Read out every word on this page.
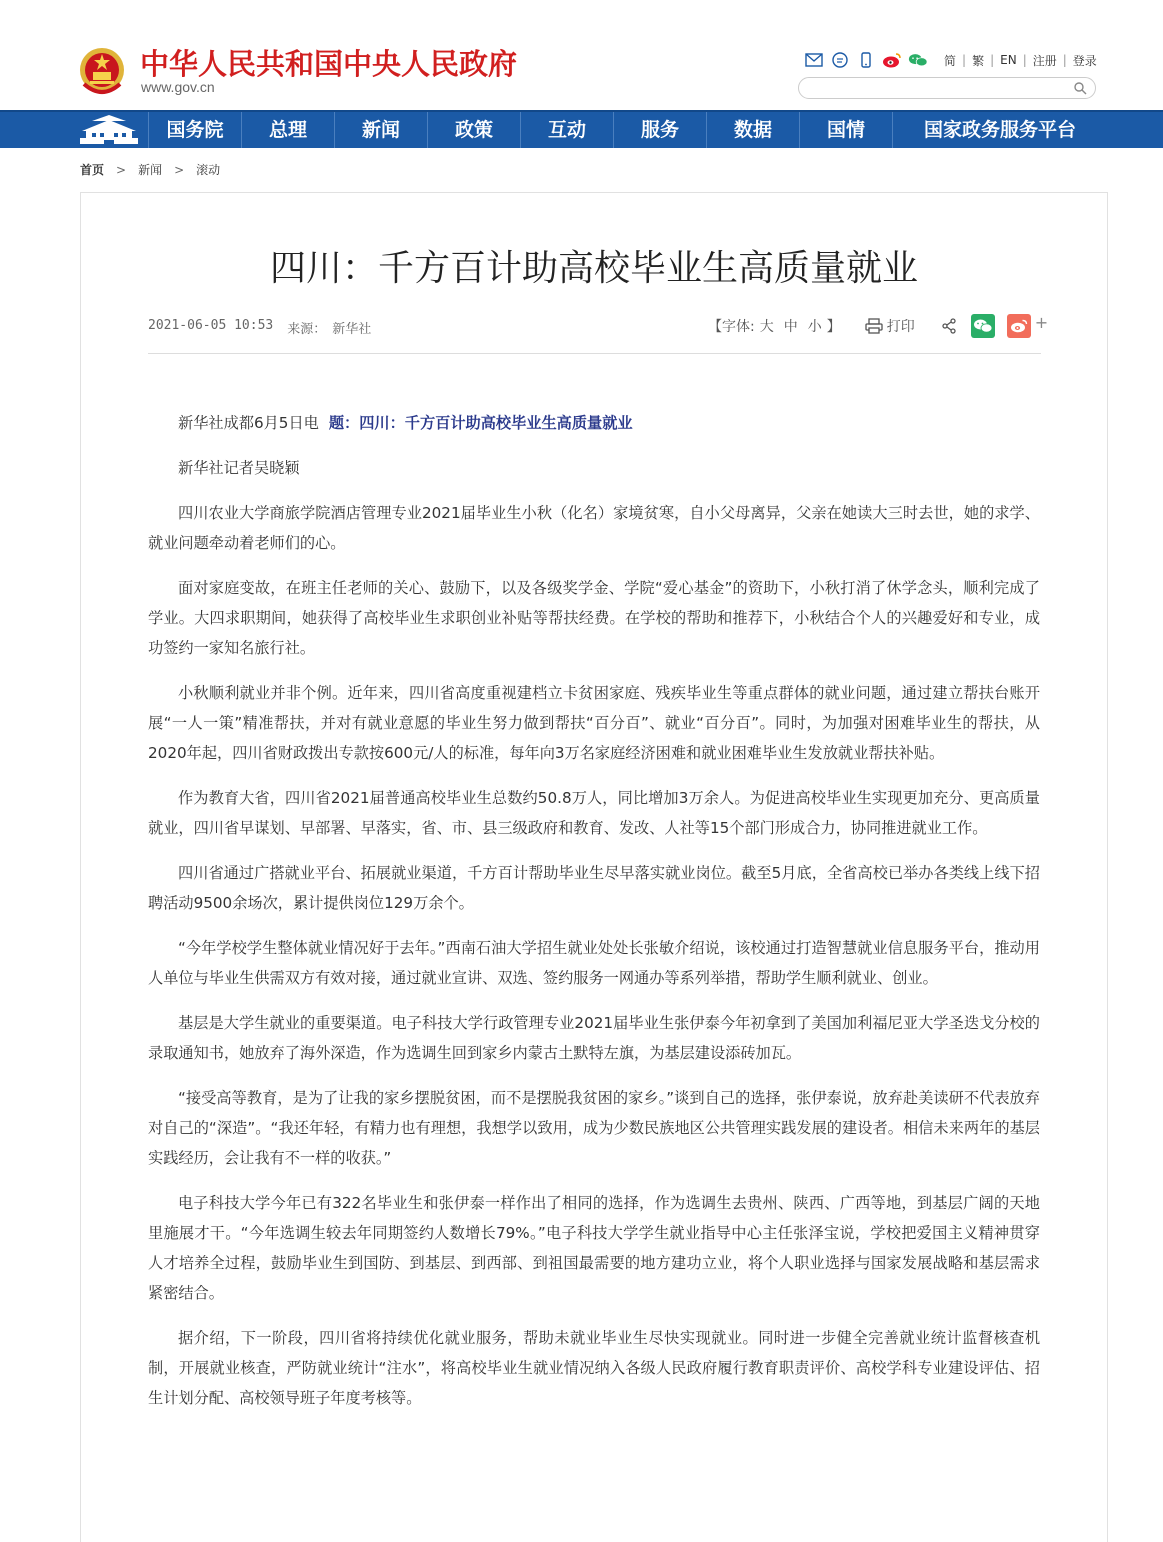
中华人民共和国中央人民政府
www.gov.cn
简 | 繁 | EN | 注册 | 登录
国务院	总理	新闻	政策	互动	服务	数据	国情	国家政务服务平台
首页 > 新闻 > 滚动
四川：千方百计助高校毕业生高质量就业
2021-06-05 10:53 来源： 新华社	【字体: 大 中 小 】	打印	+

新华社成都6月5日电 题：四川：千方百计助高校毕业生高质量就业

新华社记者吴晓颖

四川农业大学商旅学院酒店管理专业2021届毕业生小秋（化名）家境贫寒，自小父母离异，父亲在她读大三时去世，她的求学、就业问题牵动着老师们的心。

面对家庭变故，在班主任老师的关心、鼓励下，以及各级奖学金、学院“爱心基金”的资助下，小秋打消了休学念头，顺利完成了学业。大四求职期间，她获得了高校毕业生求职创业补贴等帮扶经费。在学校的帮助和推荐下，小秋结合个人的兴趣爱好和专业，成功签约一家知名旅行社。

小秋顺利就业并非个例。近年来，四川省高度重视建档立卡贫困家庭、残疾毕业生等重点群体的就业问题，通过建立帮扶台账开展“一人一策”精准帮扶，并对有就业意愿的毕业生努力做到帮扶“百分百”、就业“百分百”。同时，为加强对困难毕业生的帮扶，从2020年起，四川省财政拨出专款按600元/人的标准，每年向3万名家庭经济困难和就业困难毕业生发放就业帮扶补贴。

作为教育大省，四川省2021届普通高校毕业生总数约50.8万人，同比增加3万余人。为促进高校毕业生实现更加充分、更高质量就业，四川省早谋划、早部署、早落实，省、市、县三级政府和教育、发改、人社等15个部门形成合力，协同推进就业工作。

四川省通过广搭就业平台、拓展就业渠道，千方百计帮助毕业生尽早落实就业岗位。截至5月底，全省高校已举办各类线上线下招聘活动9500余场次，累计提供岗位129万余个。

“今年学校学生整体就业情况好于去年。”西南石油大学招生就业处处长张敏介绍说，该校通过打造智慧就业信息服务平台，推动用人单位与毕业生供需双方有效对接，通过就业宣讲、双选、签约服务一网通办等系列举措，帮助学生顺利就业、创业。

基层是大学生就业的重要渠道。电子科技大学行政管理专业2021届毕业生张伊泰今年初拿到了美国加利福尼亚大学圣迭戈分校的录取通知书，她放弃了海外深造，作为选调生回到家乡内蒙古土默特左旗，为基层建设添砖加瓦。

“接受高等教育，是为了让我的家乡摆脱贫困，而不是摆脱我贫困的家乡。”谈到自己的选择，张伊泰说，放弃赴美读研不代表放弃对自己的“深造”。“我还年轻，有精力也有理想，我想学以致用，成为少数民族地区公共管理实践发展的建设者。相信未来两年的基层实践经历，会让我有不一样的收获。”

电子科技大学今年已有322名毕业生和张伊泰一样作出了相同的选择，作为选调生去贵州、陕西、广西等地，到基层广阔的天地里施展才干。“今年选调生较去年同期签约人数增长79%。”电子科技大学学生就业指导中心主任张泽宝说，学校把爱国主义精神贯穿人才培养全过程，鼓励毕业生到国防、到基层、到西部、到祖国最需要的地方建功立业，将个人职业选择与国家发展战略和基层需求紧密结合。

据介绍，下一阶段，四川省将持续优化就业服务，帮助未就业毕业生尽快实现就业。同时进一步健全完善就业统计监督核查机制，开展就业核查，严防就业统计“注水”，将高校毕业生就业情况纳入各级人民政府履行教育职责评价、高校学科专业建设评估、招生计划分配、高校领导班子年度考核等。
